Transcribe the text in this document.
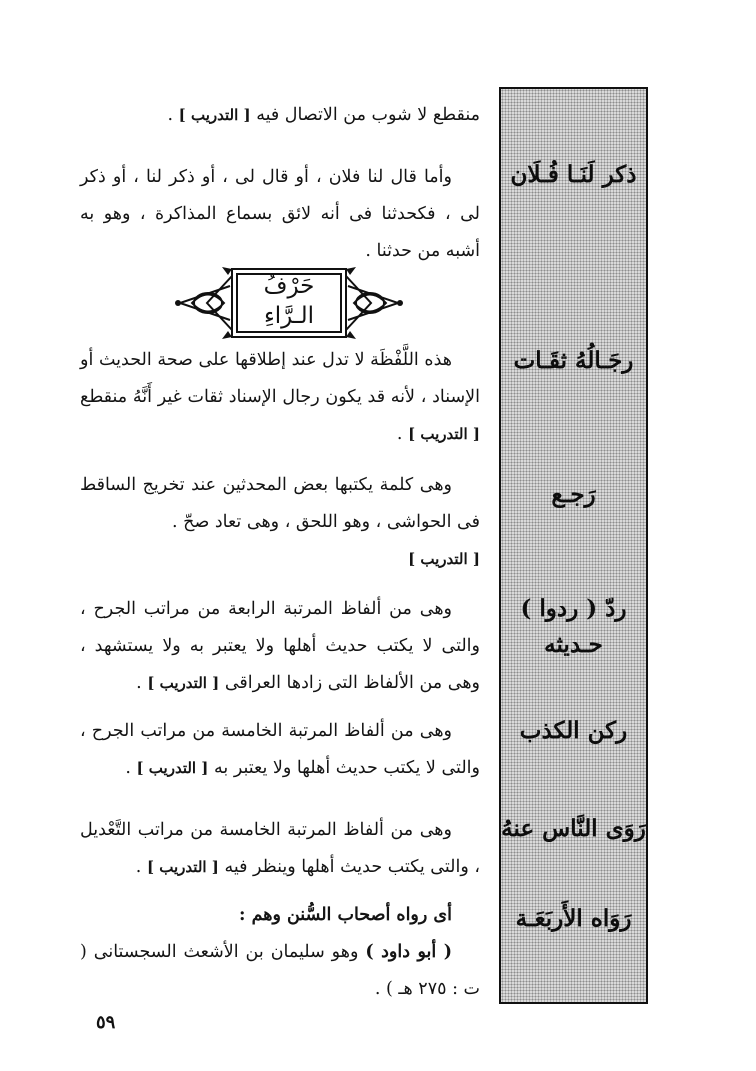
ذكر لَنَـا فُـلَان
رجَـالُهُ ثقَـات
رَجـع
ردّ ( ردوا )
حـديثه
ركن الكذب
رَوَى النَّاس عنهُ
رَوَاه الأَربَعَـة
حَرْفُ
الـرَّاءِ

منقطع لا شوب من الاتصال فيه [ التدريب ] .

وأما قال لنا فلان ، أو قال لى ، أو ذكر لنا ، أو ذكر لى ، فكحدثنا فى أنه لائق بسماع المذاكرة ، وهو به أشبه من حدثنا .

هذه اللَّفْظَة لا تدل عند إطلاقها على صحة الحديث أو الإسناد ، لأنه قد يكون رجال الإسناد ثقات غير أَنَّهُ منقطع [ التدريب ] .

وهى كلمة يكتبها بعض المحدثين عند تخريج الساقط فى الحواشى ، وهو اللحق ، وهى تعاد صحّ .

[ التدريب ]

وهى من ألفاظ المرتبة الرابعة من مراتب الجرح ، والتى لا يكتب حديث أهلها ولا يعتبر به ولا يستشهد ، وهى من الألفاظ التى زادها العراقى [ التدريب ] .

وهى من ألفاظ المرتبة الخامسة من مراتب الجرح ، والتى لا يكتب حديث أهلها ولا يعتبر به [ التدريب ] .

وهى من ألفاظ المرتبة الخامسة من مراتب التَّعْديل ، والتى يكتب حديث أهلها وينظر فيه [ التدريب ] .

أى رواه أصحاب السُّنن وهم :

( أبو داود ) وهو سليمان بن الأشعث السجستانى ( ت : ٢٧٥ هـ ) .

٥٩
